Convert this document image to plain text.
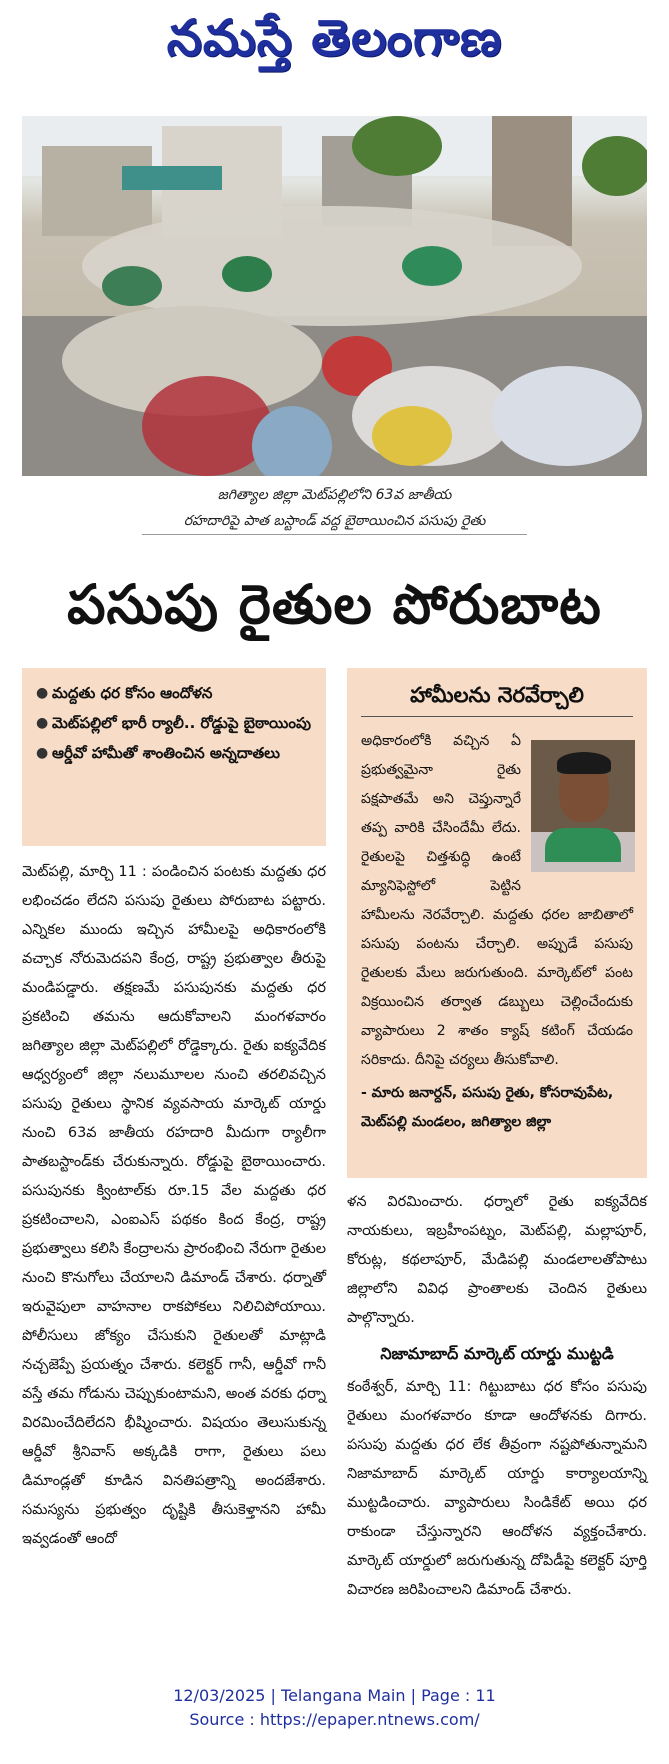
నమస్తే తెలంగాణ
జగిత్యాల జిల్లా మెట్‌పల్లిలోని 63వ జాతీయ
రహదారిపై పాత బస్టాండ్ వద్ద బైఠాయించిన పసుపు రైతు
పసుపు రైతుల పోరుబాట
● మద్దతు ధర కోసం ఆందోళన
● మెట్‌పల్లిలో భారీ ర్యాలీ.. రోడ్డుపై బైఠాయింపు
● ఆర్డీవో హామీతో శాంతించిన అన్నదాతలు
హామీలను నెరవేర్చాలి
అధికారంలోకి వచ్చిన ఏ ప్రభుత్వమైనా రైతు పక్షపాతమే అని చెప్తున్నారే తప్ప వారికి చేసిందేమీ లేదు. రైతులపై చిత్తశుద్ధి ఉంటే మ్యానిఫెస్టోలో పెట్టిన హామీలను నెరవేర్చాలి. మద్దతు ధరల జాబితాలో పసుపు పంటను చేర్చాలి. అప్పుడే పసుపు రైతులకు మేలు జరుగుతుంది. మార్కెట్‌లో పంట విక్రయించిన తర్వాత డబ్బులు చెల్లించేందుకు వ్యాపారులు 2 శాతం క్యాష్ కటింగ్ చేయడం సరికాదు. దీనిపై చర్యలు తీసుకోవాలి.
- మారు జనార్దన్, పసుపు రైతు, కోసరావుపేట, మెట్‌పల్లి మండలం, జగిత్యాల జిల్లా

మెట్‌పల్లి, మార్చి 11 : పండించిన పంటకు మద్దతు ధర లభించడం లేదని పసుపు రైతులు పోరుబాట పట్టారు. ఎన్నికల ముందు ఇచ్చిన హామీలపై అధికారంలోకి వచ్చాక నోరుమెదపని కేంద్ర, రాష్ట్ర ప్రభుత్వాల తీరుపై మండిపడ్డారు. తక్షణమే పసుపునకు మద్దతు ధర ప్రకటించి తమను ఆదుకోవాలని మంగళవారం జగిత్యాల జిల్లా మెట్‌పల్లిలో రోడ్డెక్కారు. రైతు ఐక్యవేదిక ఆధ్వర్యంలో జిల్లా నలుమూలల నుంచి తరలివచ్చిన పసుపు రైతులు స్థానిక వ్యవసాయ మార్కెట్ యార్డు నుంచి 63వ జాతీయ రహదారి మీదుగా ర్యాలీగా పాతబస్టాండ్‌కు చేరుకున్నారు. రోడ్డుపై బైఠాయించారు. పసుపునకు క్వింటాల్‌కు రూ.15 వేల మద్దతు ధర ప్రకటించాలని, ఎంఐఎస్ పథకం కింద కేంద్ర, రాష్ట్ర ప్రభుత్వాలు కలిసి కేంద్రాలను ప్రారంభించి నేరుగా రైతుల నుంచి కొనుగోలు చేయాలని డిమాండ్ చేశారు. ధర్నాతో ఇరువైపులా వాహనాల రాకపోకలు నిలిచిపోయాయి. పోలీసులు జోక్యం చేసుకుని రైతులతో మాట్లాడి నచ్చజెప్పే ప్రయత్నం చేశారు. కలెక్టర్ గానీ, ఆర్డీవో గానీ వస్తే తమ గోడును చెప్పుకుంటామని, అంత వరకు ధర్నా విరమించేదిలేదని భీష్మించారు. విషయం తెలుసుకున్న ఆర్డీవో శ్రీనివాస్ అక్కడికి రాగా, రైతులు పలు డిమాండ్లతో కూడిన వినతిపత్రాన్ని అందజేశారు. సమస్యను ప్రభుత్వం దృష్టికి తీసుకెళ్తానని హామీ ఇవ్వడంతో ఆందో

ళన విరమించారు. ధర్నాలో రైతు ఐక్యవేదిక నాయకులు, ఇబ్రహీంపట్నం, మెట్‌పల్లి, మల్లాపూర్, కోరుట్ల, కథలాపూర్, మేడిపల్లి మండలాలతోపాటు జిల్లాలోని వివిధ ప్రాంతాలకు చెందిన రైతులు పాల్గొన్నారు.

నిజామాబాద్ మార్కెట్ యార్డు ముట్టడి

కంఠేశ్వర్, మార్చి 11: గిట్టుబాటు ధర కోసం పసుపు రైతులు మంగళవారం కూడా ఆందోళనకు దిగారు. పసుపు మద్దతు ధర లేక తీవ్రంగా నష్టపోతున్నామని నిజామాబాద్ మార్కెట్ యార్డు కార్యాలయాన్ని ముట్టడించారు. వ్యాపారులు సిండికేట్ అయి ధర రాకుండా చేస్తున్నారని ఆందోళన వ్యక్తంచేశారు. మార్కెట్ యార్డులో జరుగుతున్న దోపిడీపై కలెక్టర్ పూర్తి విచారణ జరిపించాలని డిమాండ్ చేశారు.

12/03/2025 | Telangana Main | Page : 11
Source : https://epaper.ntnews.com/
